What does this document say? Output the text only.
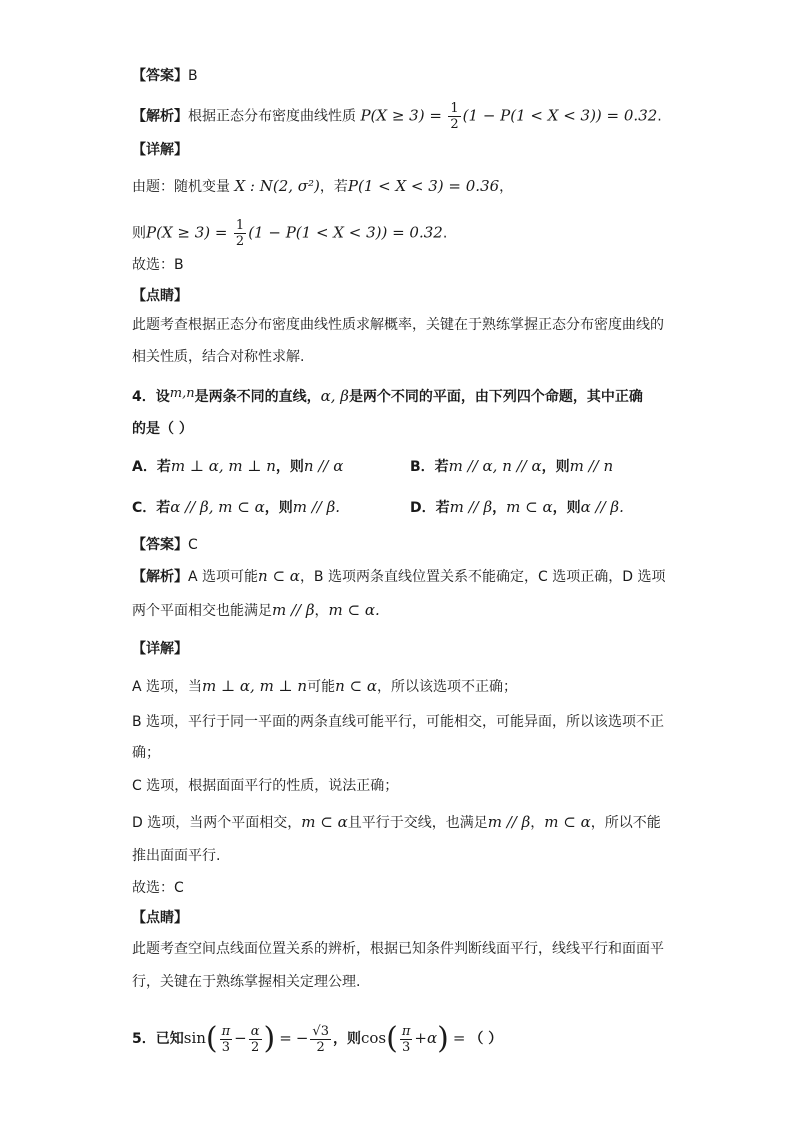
【答案】B
【解析】根据正态分布密度曲线性质 $P(X \ge 3) = \frac{1}{2} (1 - P(1 < X < 3)) = 0.32$.
【详解】
由题：随机变量 X : N(2, σ²)，若P(1 < X < 3) = 0.36，
则$P(X \ge 3) = \frac{1}{2} (1 - P(1 < X < 3)) = 0.32$.
故选：B
【点睛】
此题考查根据正态分布密度曲线性质求解概率，关键在于熟练掌握正态分布密度曲线的
相关性质，结合对称性求解.
4．设m,n是两条不同的直线，α, β是两个不同的平面，由下列四个命题，其中正确
的是（ ）
A．若m ⊥ α, m ⊥ n，则n // α	B．若m // α, n // α，则m // n
C．若α // β, m ⊂ α，则m // β.	D．若m // β，m ⊂ α，则α // β.
【答案】C
【解析】A 选项可能n ⊂ α，B 选项两条直线位置关系不能确定，C 选项正确，D 选项
两个平面相交也能满足m // β，m ⊂ α.
【详解】
A 选项，当m ⊥ α, m ⊥ n可能n ⊂ α，所以该选项不正确；
B 选项，平行于同一平面的两条直线可能平行，可能相交，可能异面，所以该选项不正
确；
C 选项，根据面面平行的性质，说法正确；
D 选项，当两个平面相交，m ⊂ α且平行于交线，也满足m // β，m ⊂ α，所以不能
推出面面平行.
故选：C
【点睛】
此题考查空间点线面位置关系的辨析，根据已知条件判断线面平行，线线平行和面面平
行，关键在于熟练掌握相关定理公理.
5．已知$\sin( \frac{\pi}{3} - \frac{\alpha}{2}$ ) = − $\frac{√3}{2}$ ，则$\cos( \frac{\pi}{3} +\alpha)$ = （ ）
